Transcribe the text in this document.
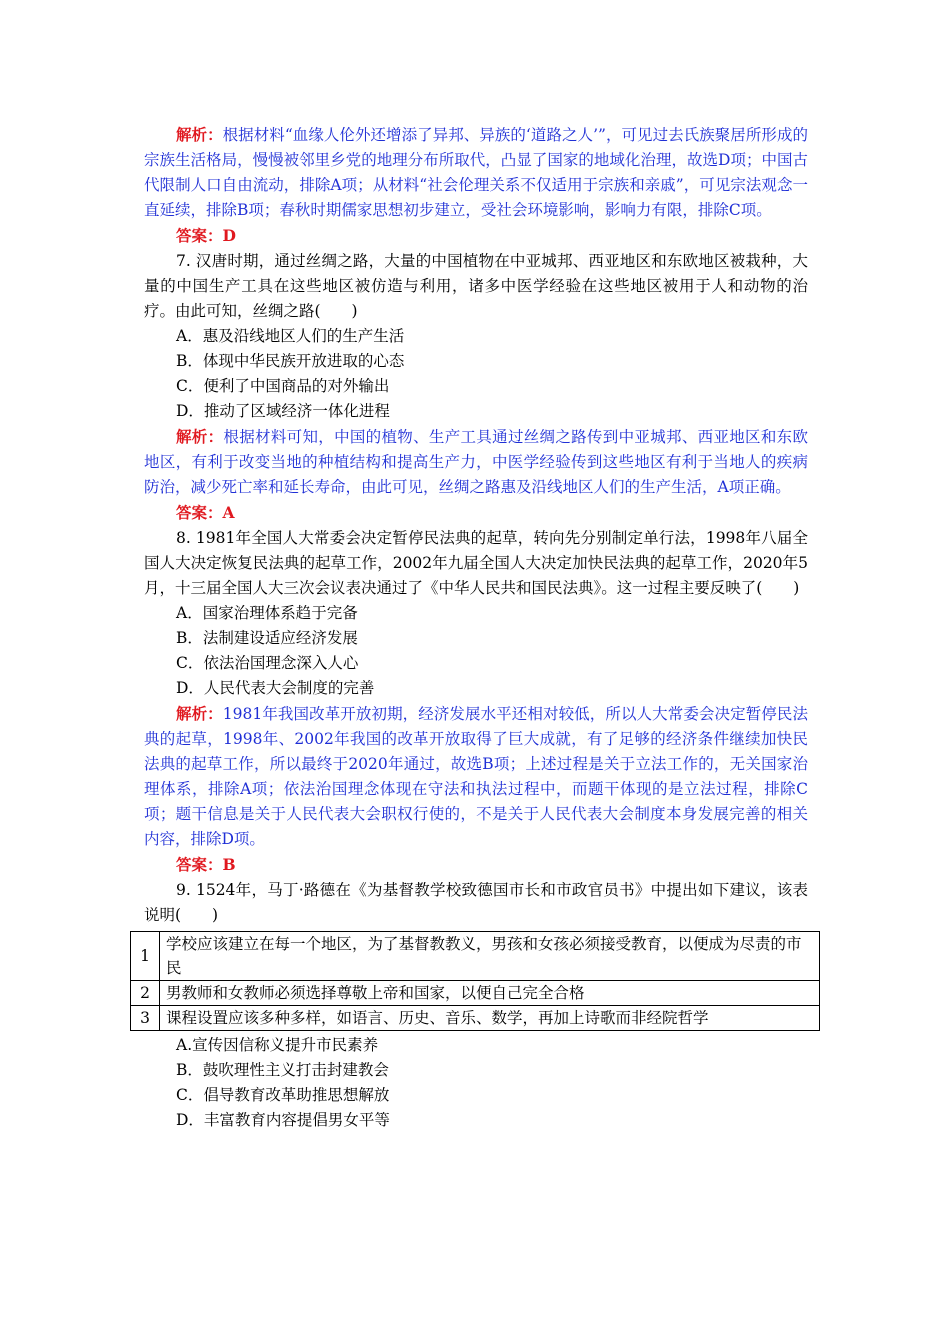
解析：根据材料“血缘人伦外还增添了异邦、异族的‘道路之人’”，可见过去氏族聚居所形成的宗族生活格局，慢慢被邻里乡党的地理分布所取代，凸显了国家的地域化治理，故选D项；中国古代限制人口自由流动，排除A项；从材料“社会伦理关系不仅适用于宗族和亲戚”，可见宗法观念一直延续，排除B项；春秋时期儒家思想初步建立，受社会环境影响，影响力有限，排除C项。

答案：D

7. 汉唐时期，通过丝绸之路，大量的中国植物在中亚城邦、西亚地区和东欧地区被栽种，大量的中国生产工具在这些地区被仿造与利用，诸多中医学经验在这些地区被用于人和动物的治疗。由此可知，丝绸之路(　　)

A．惠及沿线地区人们的生产生活

B．体现中华民族开放进取的心态

C．便利了中国商品的对外输出

D．推动了区域经济一体化进程

解析：根据材料可知，中国的植物、生产工具通过丝绸之路传到中亚城邦、西亚地区和东欧地区，有利于改变当地的种植结构和提高生产力，中医学经验传到这些地区有利于当地人的疾病防治，减少死亡率和延长寿命，由此可见，丝绸之路惠及沿线地区人们的生产生活，A项正确。

答案：A

8. 1981年全国人大常委会决定暂停民法典的起草，转向先分别制定单行法，1998年八届全国人大决定恢复民法典的起草工作，2002年九届全国人大决定加快民法典的起草工作，2020年5月，十三届全国人大三次会议表决通过了《中华人民共和国民法典》。这一过程主要反映了(　　)

A．国家治理体系趋于完备

B．法制建设适应经济发展

C．依法治国理念深入人心

D．人民代表大会制度的完善

解析：1981年我国改革开放初期，经济发展水平还相对较低，所以人大常委会决定暂停民法典的起草，1998年、2002年我国的改革开放取得了巨大成就，有了足够的经济条件继续加快民法典的起草工作，所以最终于2020年通过，故选B项；上述过程是关于立法工作的，无关国家治理体系，排除A项；依法治国理念体现在守法和执法过程中，而题干体现的是立法过程，排除C项；题干信息是关于人民代表大会职权行使的，不是关于人民代表大会制度本身发展完善的相关内容，排除D项。

答案：B

9. 1524年，马丁·路德在《为基督教学校致德国市长和市政官员书》中提出如下建议，该表说明(　　)

1	学校应该建立在每一个地区，为了基督教教义，男孩和女孩必须接受教育，以便成为尽责的市民
2	男教师和女教师必须选择尊敬上帝和国家，以便自己完全合格
3	课程设置应该多种多样，如语言、历史、音乐、数学，再加上诗歌而非经院哲学

A.宣传因信称义提升市民素养

B．鼓吹理性主义打击封建教会

C．倡导教育改革助推思想解放

D．丰富教育内容提倡男女平等
